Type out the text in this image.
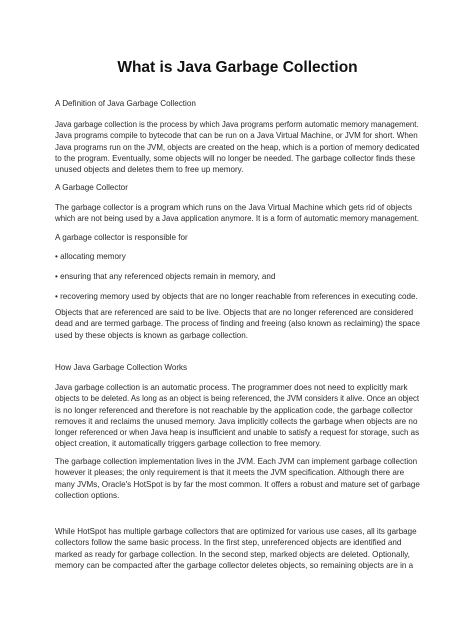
What is Java Garbage Collection
A Definition of Java Garbage Collection
Java garbage collection is the process by which Java programs perform automatic memory management.
Java programs compile to bytecode that can be run on a Java Virtual Machine, or JVM for short. When
Java programs run on the JVM, objects are created on the heap, which is a portion of memory dedicated
to the program. Eventually, some objects will no longer be needed. The garbage collector finds these
unused objects and deletes them to free up memory.
A Garbage Collector
The garbage collector is a program which runs on the Java Virtual Machine which gets rid of objects
which are not being used by a Java application anymore. It is a form of automatic memory management.
A garbage collector is responsible for
• allocating memory
• ensuring that any referenced objects remain in memory, and
• recovering memory used by objects that are no longer reachable from references in executing code.
Objects that are referenced are said to be live. Objects that are no longer referenced are considered
dead and are termed garbage. The process of finding and freeing (also known as reclaiming) the space
used by these objects is known as garbage collection.
How Java Garbage Collection Works
Java garbage collection is an automatic process. The programmer does not need to explicitly mark
objects to be deleted. As long as an object is being referenced, the JVM considers it alive. Once an object
is no longer referenced and therefore is not reachable by the application code, the garbage collector
removes it and reclaims the unused memory. Java implicitly collects the garbage when objects are no
longer referenced or when Java heap is insufficient and unable to satisfy a request for storage, such as
object creation, it automatically triggers garbage collection to free memory.
The garbage collection implementation lives in the JVM. Each JVM can implement garbage collection
however it pleases; the only requirement is that it meets the JVM specification. Although there are
many JVMs, Oracle's HotSpot is by far the most common. It offers a robust and mature set of garbage
collection options.
While HotSpot has multiple garbage collectors that are optimized for various use cases, all its garbage
collectors follow the same basic process. In the first step, unreferenced objects are identified and
marked as ready for garbage collection. In the second step, marked objects are deleted. Optionally,
memory can be compacted after the garbage collector deletes objects, so remaining objects are in a
